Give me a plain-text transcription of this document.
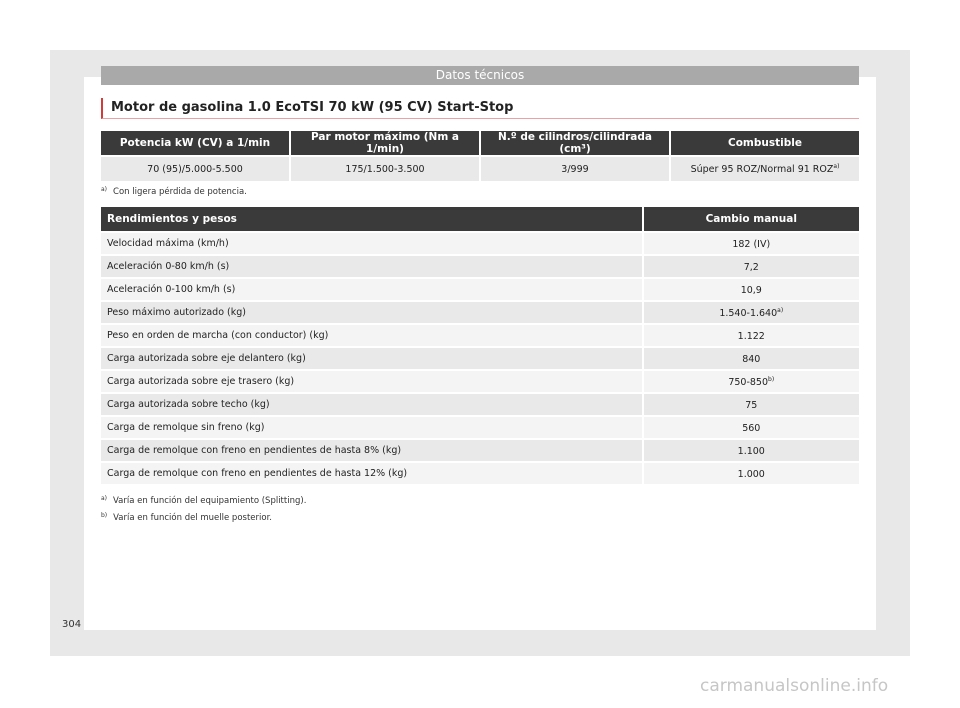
Datos técnicos
Motor de gasolina 1.0 EcoTSI 70 kW (95 CV) Start-Stop
Potencia kW (CV) a 1/min	Par motor máximo (Nm a 1/min)	N.º de cilindros/cilindrada (cm³)	Combustible
70 (95)/5.000-5.500	175/1.500-3.500	3/999	Súper 95 ROZ/Normal 91 ROZ$^{a)}$
$^{a)}$ Con ligera pérdida de potencia.
Rendimientos y pesos	Cambio manual
Velocidad máxima (km/h)	182 (IV)
Aceleración 0-80 km/h (s)	7,2
Aceleración 0-100 km/h (s)	10,9
Peso máximo autorizado (kg)	1.540-1.640$^{a)}$
Peso en orden de marcha (con conductor) (kg)	1.122
Carga autorizada sobre eje delantero (kg)	840
Carga autorizada sobre eje trasero (kg)	750-850$^{b)}$
Carga autorizada sobre techo (kg)	75
Carga de remolque sin freno (kg)	560
Carga de remolque con freno en pendientes de hasta 8% (kg)	1.100
Carga de remolque con freno en pendientes de hasta 12% (kg)	1.000
$^{a)}$ Varía en función del equipamiento (Splitting).
$^{b)}$ Varía en función del muelle posterior.
304
carmanualsonline.info
